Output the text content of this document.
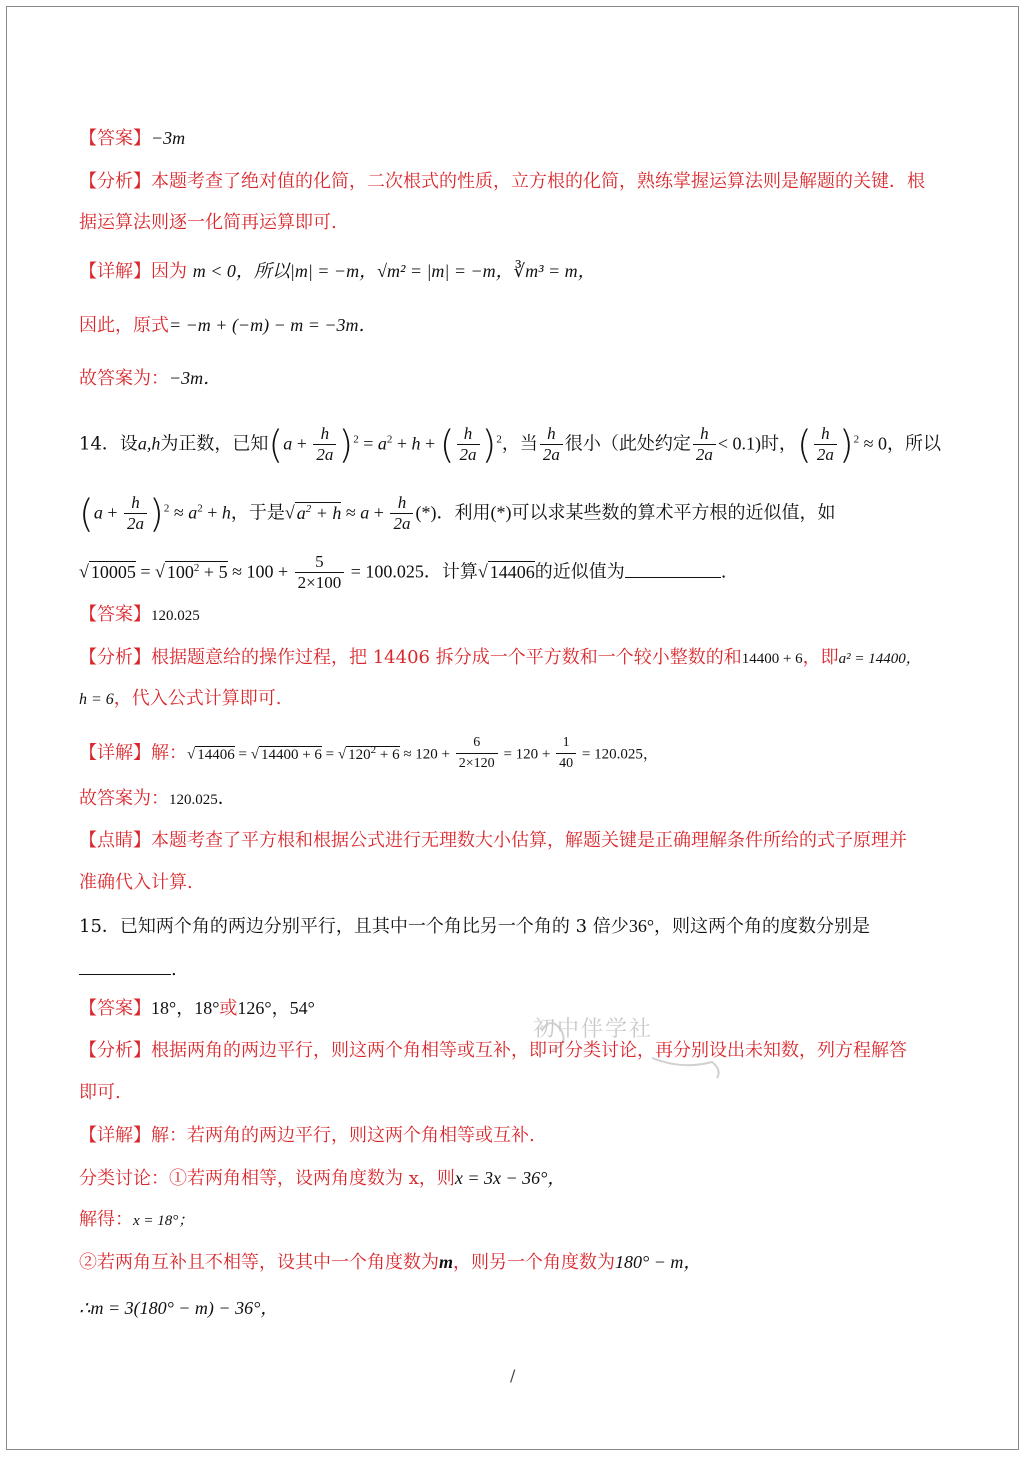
【答案】−3m
【分析】本题考查了绝对值的化简，二次根式的性质，立方根的化简，熟练掌握运算法则是解题的关键．根
据运算法则逐一化简再运算即可.
【详解】因为 m < 0，所以|m| = −m，√m² = |m| = −m，∛m³ = m，
因此，原式= −m + (−m) − m = −3m．
故答案为：−3m．
14．设a,h为正数，已知$(a + \frac{h}{2a} )^2 = a^2 + h$ + ( $\frac{h}{2a} )^2$，当 $\frac{h}{2a}$ 很小（此处约定 $\frac{h}{2a} < 0.1$)时，( $\frac{h}{2a} )^2 \approx 0$，所以
$(a + \frac{h}{2a} )^2 \approx a^2 + h$，于是√ $a^2 + h \approx a + \frac{h}{2a}$ (*)．利用(*)可以求某些数的算术平方根的近似值，如
√ 10005 = √ $100^2 + 5 \approx 100 + \frac{5}{2\times 100} = 100.025$．计算√ 14406的近似值为	.
【答案】120.025
【分析】根据题意给的操作过程，把 14406 拆分成一个平方数和一个较小整数的和14400 + 6，即a² = 14400，
h = 6，代入公式计算即可.
【详解】解：√ 14406 = √ 14400 + 6 = √ $120^2 + 6 \approx 120 + \frac{6}{2\times 120} = 120 + \frac{1}{40} = 120.025$，
故答案为：120.025．
【点睛】本题考查了平方根和根据公式进行无理数大小估算，解题关键是正确理解条件所给的式子原理并
准确代入计算.
15．已知两个角的两边分别平行，且其中一个角比另一个角的 3 倍少36°，则这两个角的度数分别是
.
【答案】18°，18°或126°，54°
初中伴学社
【分析】根据两角的两边平行，则这两个角相等或互补，即可分类讨论，再分别设出未知数，列方程解答
即可.
【详解】解：若两角的两边平行，则这两个角相等或互补.
分类讨论：①若两角相等，设两角度数为 x，则x = 3x − 36°，
解得：x = 18°；
②若两角互补且不相等，设其中一个角度数为m，则另一个角度数为180° − m，
∴m = 3(180° − m) − 36°，
/
